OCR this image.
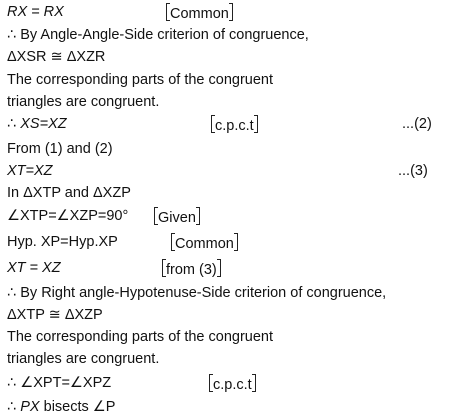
RX = RX	Common
∴ By Angle-Angle-Side criterion of congruence,
ΔXSR ≅ ΔXZR
The corresponding parts of the congruent
triangles are congruent.
∴ XS=XZ	c.p.c.t	...(2)
From (1) and (2)
XT=XZ	...(3)
In ΔXTP and ΔXZP
∠XTP=∠XZP=90° Given
Hyp. XP=Hyp.XP	Common
XT = XZ	from (3)
∴ By Right angle-Hypotenuse-Side criterion of congruence,
ΔXTP ≅ ΔXZP
The corresponding parts of the congruent
triangles are congruent.
∴ ∠XPT=∠XPZ	c.p.c.t
∴ PX bisects ∠P
